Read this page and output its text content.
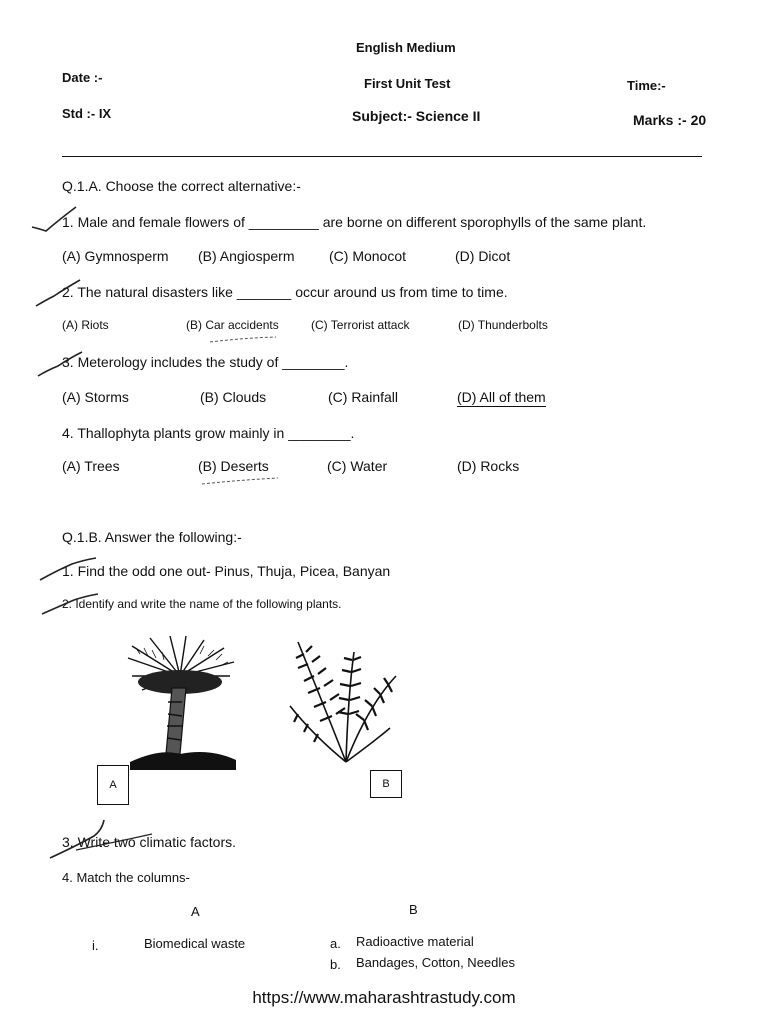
English Medium
Date :-	First Unit Test	Time:-
Std :- IX	Subject:- Science II	Marks :- 20
Q.1.A. Choose the correct alternative:-
1. Male and female flowers of _________ are borne on different sporophylls of the same plant.
(A) Gymnosperm (B) Angiosperm (C) Monocot	(D) Dicot
2. The natural disasters like _______ occur around us from time to time.
(A) Riots	(B) Car accidents	(C) Terrorist attack	(D) Thunderbolts
3. Meterology includes the study of ________.
(A) Storms	(B) Clouds	(C) Rainfall	(D) All of them
4. Thallophyta plants grow mainly in ________.
(A) Trees	(B) Deserts	(C) Water	(D) Rocks
Q.1.B. Answer the following:-
1. Find the odd one out- Pinus, Thuja, Picea, Banyan
2. Identify and write the name of the following plants.
A	B
3. Write two climatic factors.
4. Match the columns-
A	B
i.	Biomedical waste	a. Radioactive material
b. Bandages, Cotton, Needles
https://www.maharashtrastudy.com
